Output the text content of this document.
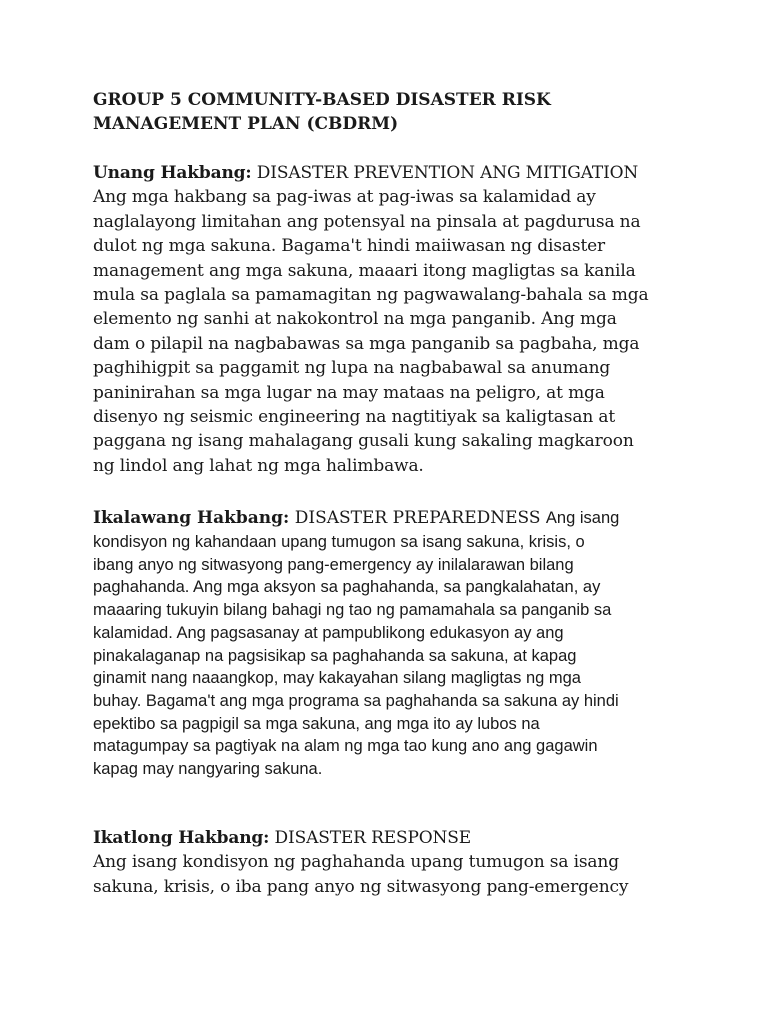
GROUP 5 COMMUNITY-BASED DISASTER RISK
MANAGEMENT PLAN (CBDRM)
Unang Hakbang: DISASTER PREVENTION ANG MITIGATION
Ang mga hakbang sa pag-iwas at pag-iwas sa kalamidad ay
naglalayong limitahan ang potensyal na pinsala at pagdurusa na
dulot ng mga sakuna. Bagama't hindi maiiwasan ng disaster
management ang mga sakuna, maaari itong magligtas sa kanila
mula sa paglala sa pamamagitan ng pagwawalang-bahala sa mga
elemento ng sanhi at nakokontrol na mga panganib. Ang mga
dam o pilapil na nagbabawas sa mga panganib sa pagbaha, mga
paghihigpit sa paggamit ng lupa na nagbabawal sa anumang
paninirahan sa mga lugar na may mataas na peligro, at mga
disenyo ng seismic engineering na nagtitiyak sa kaligtasan at
paggana ng isang mahalagang gusali kung sakaling magkaroon
ng lindol ang lahat ng mga halimbawa.
Ikalawang Hakbang: DISASTER PREPAREDNESS Ang isang
kondisyon ng kahandaan upang tumugon sa isang sakuna, krisis, o
ibang anyo ng sitwasyong pang-emergency ay inilalarawan bilang
paghahanda. Ang mga aksyon sa paghahanda, sa pangkalahatan, ay
maaaring tukuyin bilang bahagi ng tao ng pamamahala sa panganib sa
kalamidad. Ang pagsasanay at pampublikong edukasyon ay ang
pinakalaganap na pagsisikap sa paghahanda sa sakuna, at kapag
ginamit nang naaangkop, may kakayahan silang magligtas ng mga
buhay. Bagama't ang mga programa sa paghahanda sa sakuna ay hindi
epektibo sa pagpigil sa mga sakuna, ang mga ito ay lubos na
matagumpay sa pagtiyak na alam ng mga tao kung ano ang gagawin
kapag may nangyaring sakuna.
Ikatlong Hakbang: DISASTER RESPONSE
Ang isang kondisyon ng paghahanda upang tumugon sa isang
sakuna, krisis, o iba pang anyo ng sitwasyong pang-emergency
